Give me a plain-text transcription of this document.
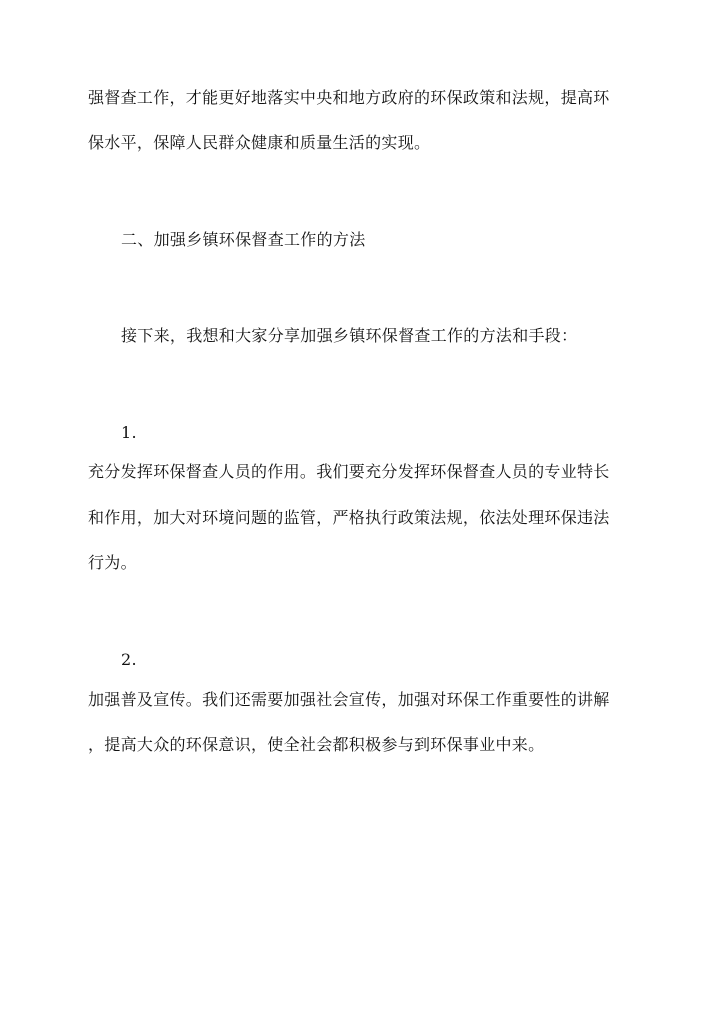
强督查工作，才能更好地落实中央和地方政府的环保政策和法规，提高环
保水平，保障人民群众健康和质量生活的实现。
二、加强乡镇环保督查工作的方法
接下来，我想和大家分享加强乡镇环保督查工作的方法和手段：
1.
充分发挥环保督查人员的作用。我们要充分发挥环保督查人员的专业特长
和作用，加大对环境问题的监管，严格执行政策法规，依法处理环保违法
行为。
2.
加强普及宣传。我们还需要加强社会宣传，加强对环保工作重要性的讲解
，提高大众的环保意识，使全社会都积极参与到环保事业中来。
